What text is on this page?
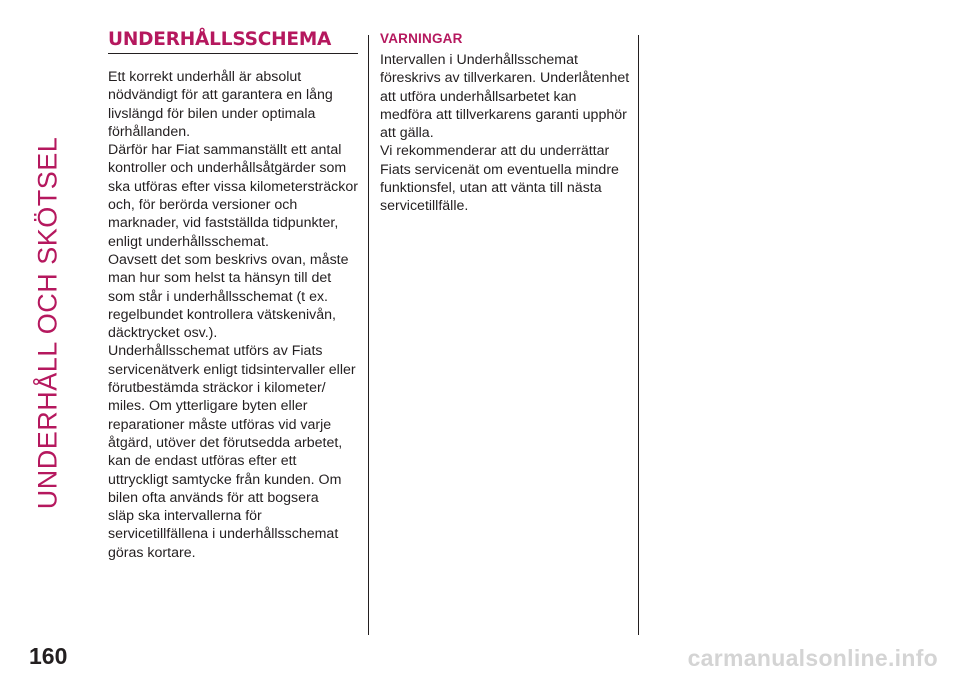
UNDERHÅLL OCH SKÖTSEL
UNDERHÅLLSSCHEMA

Ett korrekt underhåll är absolut
nödvändigt för att garantera en lång
livslängd för bilen under optimala
förhållanden.

Därför har Fiat sammanställt ett antal
kontroller och underhållsåtgärder som
ska utföras efter vissa kilometersträckor
och, för berörda versioner och
marknader, vid fastställda tidpunkter,
enligt underhållsschemat.

Oavsett det som beskrivs ovan, måste
man hur som helst ta hänsyn till det
som står i underhållsschemat (t ex.
regelbundet kontrollera vätskenivån,
däcktrycket osv.).

Underhållsschemat utförs av Fiats
servicenätverk enligt tidsintervaller eller
förutbestämda sträckor i kilometer/
miles. Om ytterligare byten eller
reparationer måste utföras vid varje
åtgärd, utöver det förutsedda arbetet,
kan de endast utföras efter ett
uttryckligt samtycke från kunden. Om
bilen ofta används för att bogsera
släp ska intervallerna för
servicetillfällena i underhållsschemat
göras kortare.

VARNINGAR

Intervallen i Underhållsschemat
föreskrivs av tillverkaren. Underlåtenhet
att utföra underhållsarbetet kan
medföra att tillverkarens garanti upphör
att gälla.

Vi rekommenderar att du underrättar
Fiats servicenät om eventuella mindre
funktionsfel, utan att vänta till nästa
servicetillfälle.

160	carmanualsonline.info
